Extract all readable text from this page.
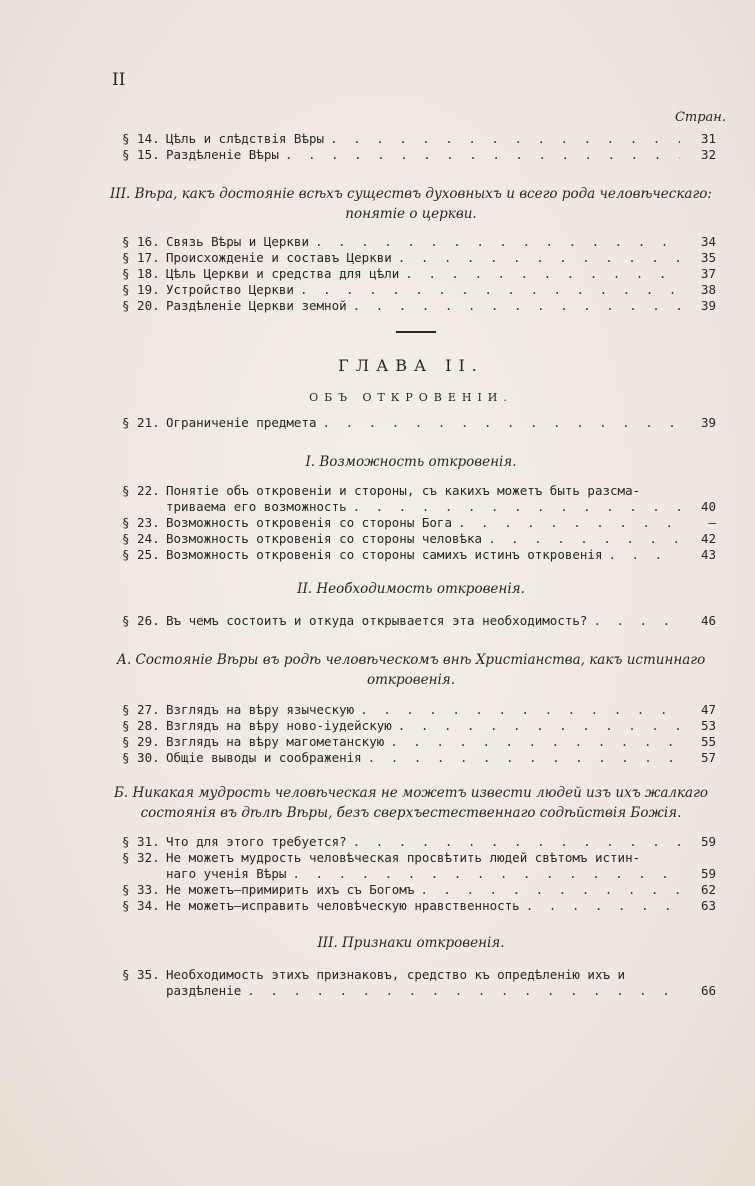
II
Стран.
§ 14. Цѣль и слѣдствія Вѣры . . .	31
§ 15. Раздѣленіе Вѣры . . .	32
III. Вѣра, какъ достояніе всѣхъ существъ духовныхъ и всего рода человѣческаго:
понятіе о церкви.
§ 16. Связь Вѣры и Церкви . . .	34
§ 17. Происхожденіе и составъ Церкви . . .	35
§ 18. Цѣль Церкви и средства для цѣли . . .	37
§ 19. Устройство Церкви . . .	38
§ 20. Раздѣленіе Церкви земной . . .	39
ГЛАВА II.
ОБЪ ОТКРОВЕНІИ.
§ 21. Ограниченіе предмета . . .	39
I. Возможность откровенія.
§ 22. Понятіе объ откровеніи и стороны, съ какихъ можетъ быть разсма-
триваема его возможность . . .	40
§ 23. Возможность откровенія со стороны Бога . . .	—
§ 24. Возможность откровенія со стороны человѣка . . .	42
§ 25. Возможность откровенія со стороны самихъ истинъ откровенія . . .	43
II. Необходимость откровенія.
§ 26. Въ чемъ состоитъ и откуда открывается эта необходимость? . . .	46
А. Состояніе Вѣры въ родѣ человѣческомъ внѣ Христіанства, какъ истиннаго
откровенія.
§ 27. Взглядъ на вѣру языческую . . .	47
§ 28. Взглядъ на вѣру ново-іудейскую . . .	53
§ 29. Взглядъ на вѣру магометанскую . . .	55
§ 30. Общіе выводы и соображенія . . .	57
Б. Никакая мудрость человѣческая не можетъ извести людей изъ ихъ жалкаго
состоянія въ дѣлѣ Вѣры, безъ сверхъестественнаго содѣйствія Божія.
§ 31. Что для этого требуется? . . .	59
§ 32. Не можетъ мудрость человѣческая просвѣтить людей свѣтомъ истин-
наго ученія Вѣры . . .	59
§ 33. Не можетъ—примирить ихъ съ Богомъ . . .	62
§ 34. Не можетъ—исправить человѣческую нравственность . . .	63
III. Признаки откровенія.
§ 35. Необходимость этихъ признаковъ, средство къ опредѣленію ихъ и
раздѣленіе . . .	66
